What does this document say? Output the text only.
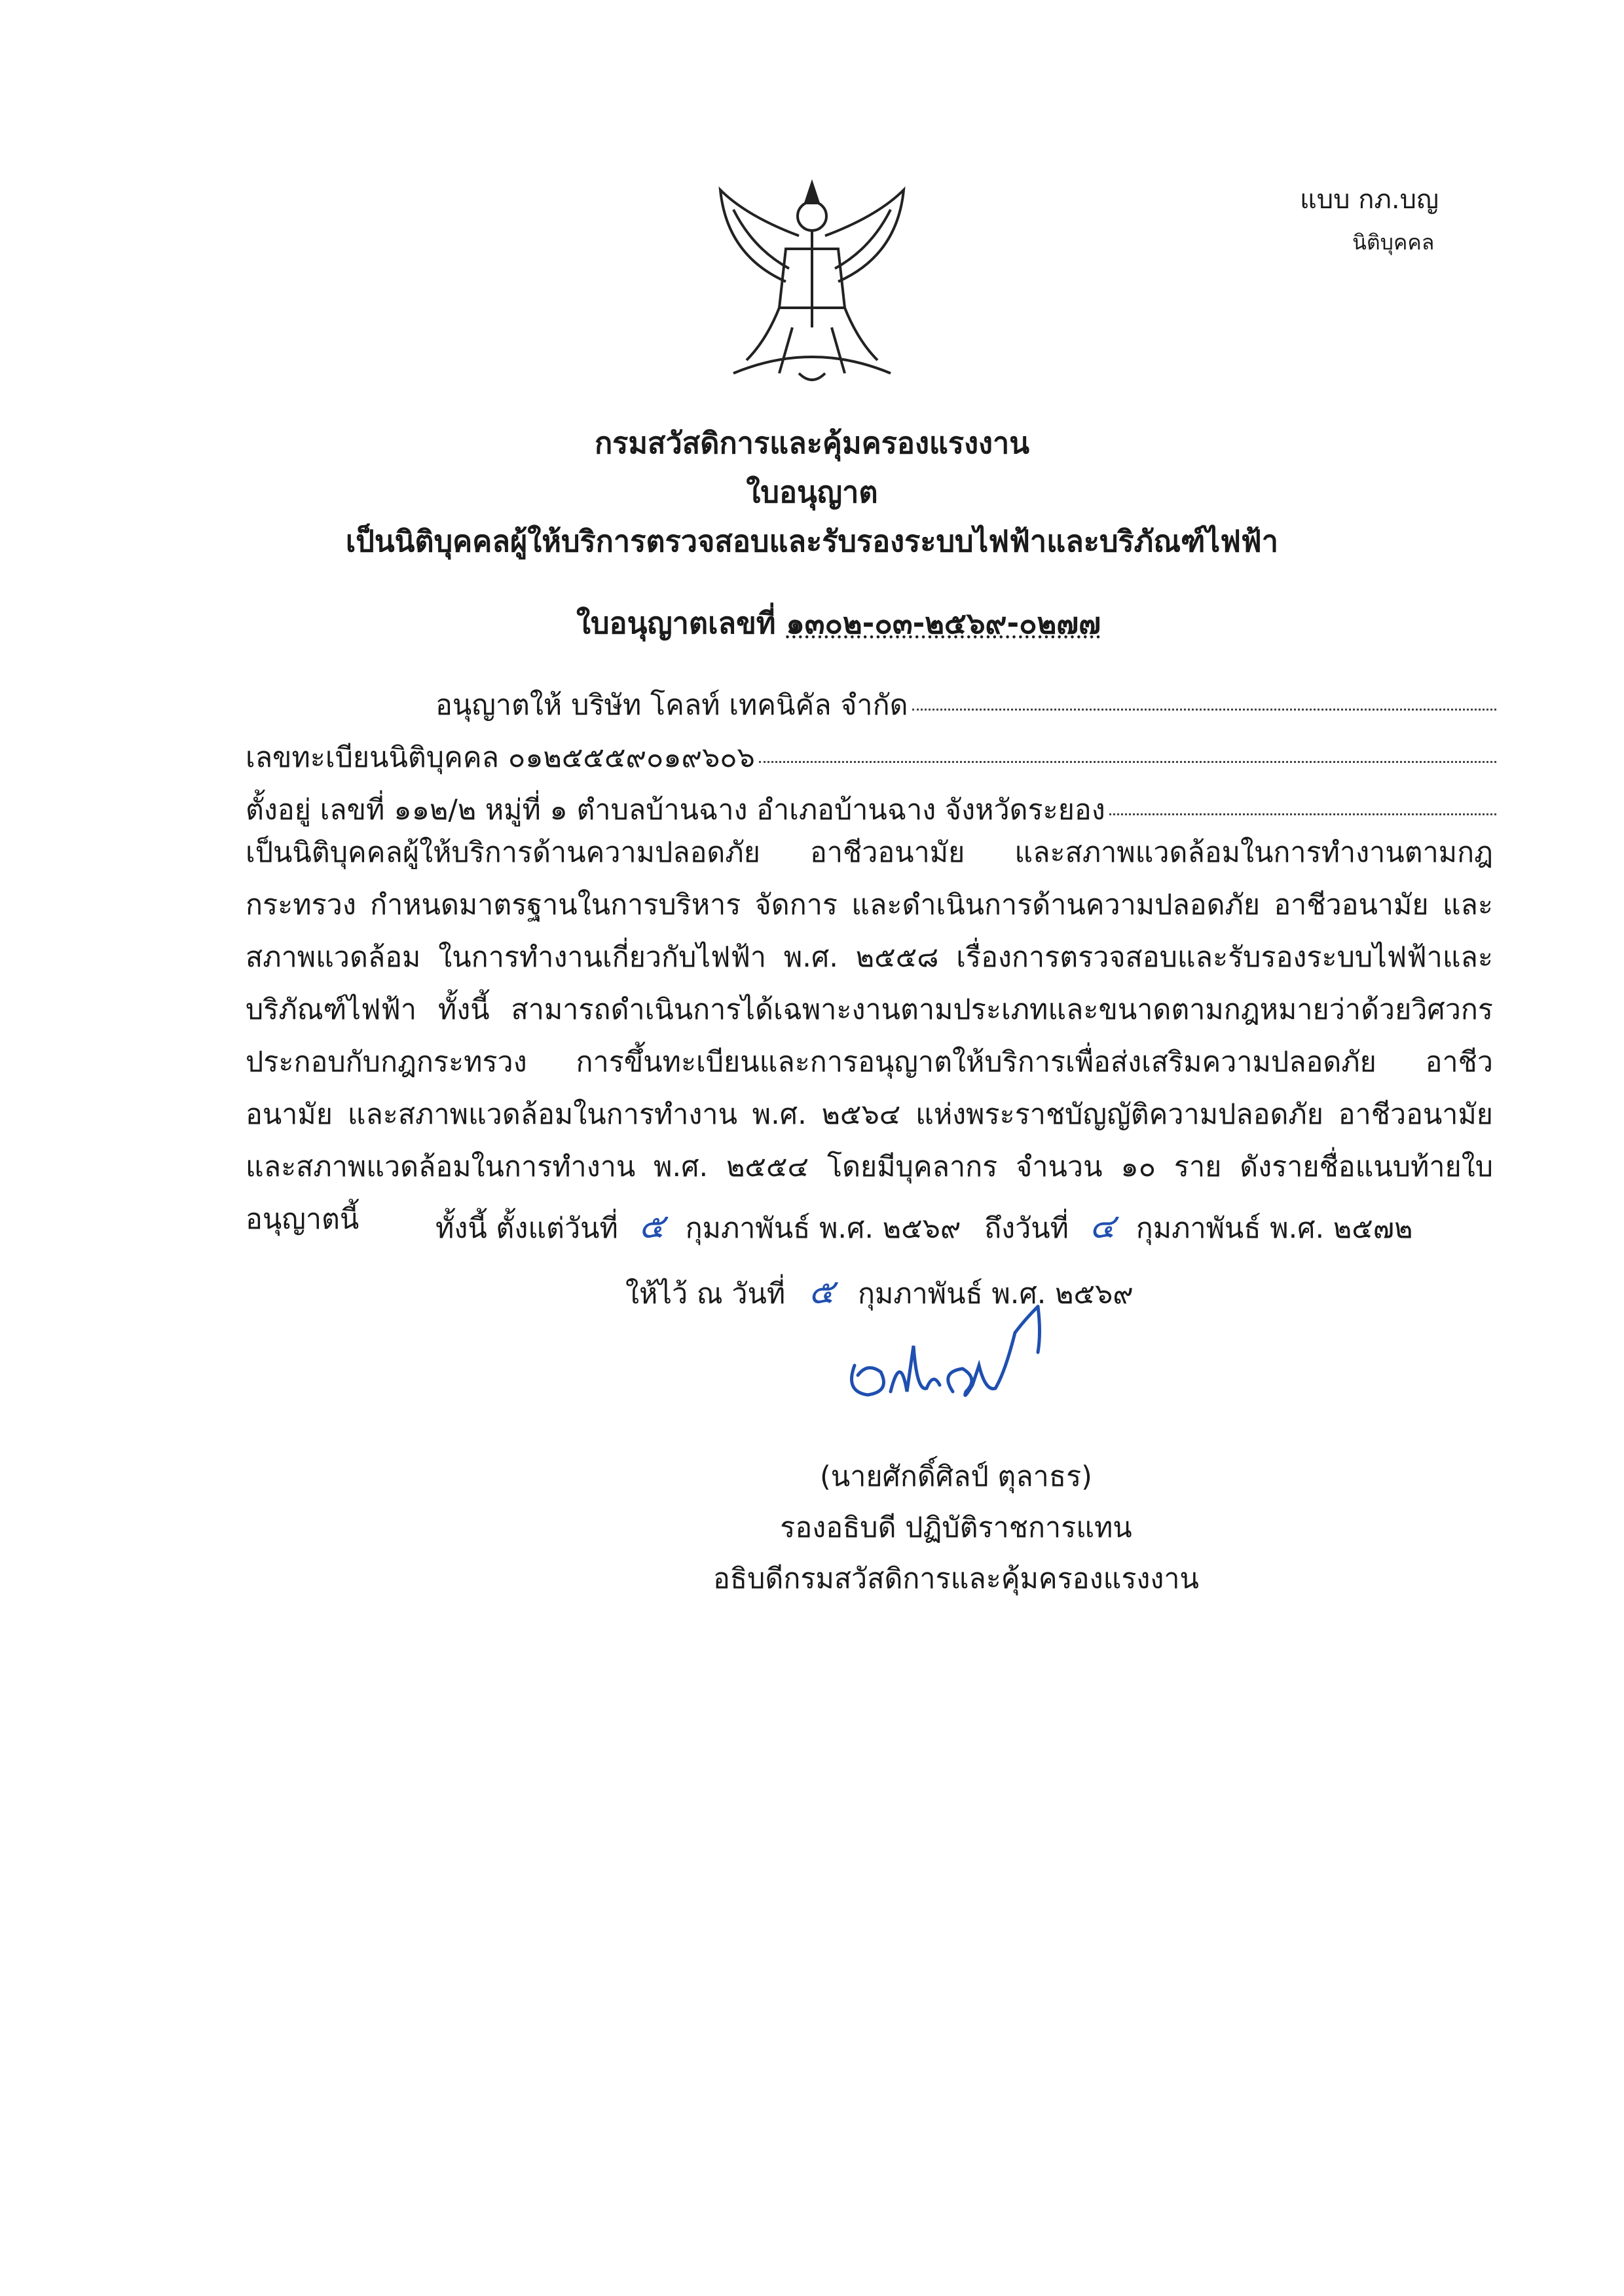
แบบ กภ.บญ
นิติบุคคล
กรมสวัสดิการและคุ้มครองแรงงาน
ใบอนุญาต
เป็นนิติบุคคลผู้ให้บริการตรวจสอบและรับรองระบบไฟฟ้าและบริภัณฑ์ไฟฟ้า
ใบอนุญาตเลขที่ ๑๓๐๒-๐๓-๒๕๖๙-๐๒๗๗
อนุญาตให้ บริษัท โคลท์ เทคนิคัล จำกัด
เลขทะเบียนนิติบุคคล ๐๑๒๕๕๕๙๐๑๙๖๐๖
ตั้งอยู่ เลขที่ ๑๑๒/๒ หมู่ที่ ๑ ตำบลบ้านฉาง อำเภอบ้านฉาง จังหวัดระยอง

เป็นนิติบุคคลผู้ให้บริการด้านความปลอดภัย อาชีวอนามัย และสภาพแวดล้อมในการทำงานตามกฎกระทรวง กำหนดมาตรฐานในการบริหาร จัดการ และดำเนินการด้านความปลอดภัย อาชีวอนามัย และสภาพแวดล้อม ในการทำงานเกี่ยวกับไฟฟ้า พ.ศ. ๒๕๕๘ เรื่องการตรวจสอบและรับรองระบบไฟฟ้าและบริภัณฑ์ไฟฟ้า ทั้งนี้ สามารถดำเนินการได้เฉพาะงานตามประเภทและขนาดตามกฎหมายว่าด้วยวิศวกรประกอบกับกฎกระทรวง การขึ้นทะเบียนและการอนุญาตให้บริการเพื่อส่งเสริมความปลอดภัย อาชีวอนามัย และสภาพแวดล้อมในการทำงาน พ.ศ. ๒๕๖๔ แห่งพระราชบัญญัติความปลอดภัย อาชีวอนามัย และสภาพแวดล้อมในการทำงาน พ.ศ. ๒๕๕๔ โดยมีบุคลากร จำนวน ๑๐ ราย ดังรายชื่อแนบท้ายใบอนุญาตนี้	ทั้งนี้ ตั้งแต่วันที่ ๕ กุมภาพันธ์ พ.ศ. ๒๕๖๙ ถึงวันที่ ๔ กุมภาพันธ์ พ.ศ. ๒๕๗๒
ให้ไว้ ณ วันที่ ๕ กุมภาพันธ์ พ.ศ. ๒๕๖๙
(นายศักดิ์ศิลป์ ตุลาธร)
รองอธิบดี ปฏิบัติราชการแทน
อธิบดีกรมสวัสดิการและคุ้มครองแรงงาน
